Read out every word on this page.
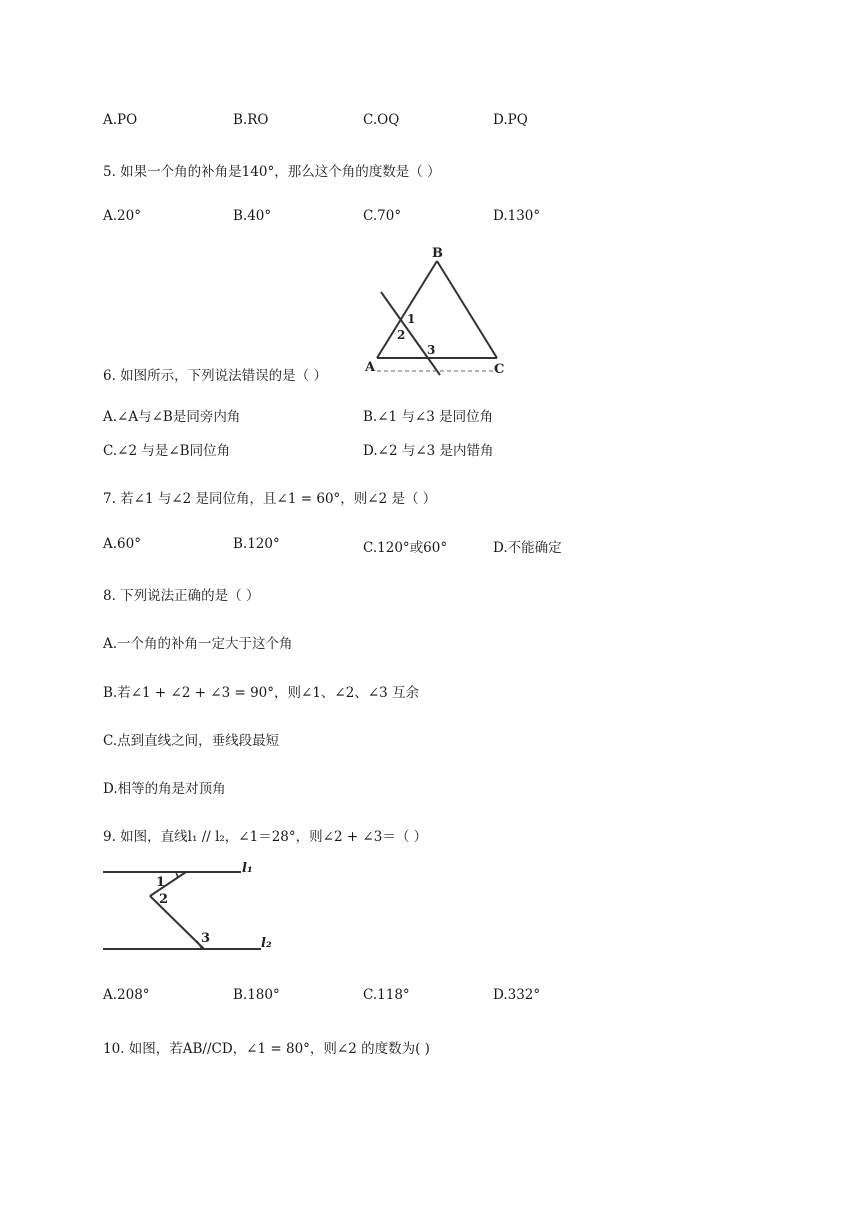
A.PO	B.RO	C.OQ	D.PQ
5. 如果一个角的补角是140°，那么这个角的度数是（ ）
A.20°	B.40°	C.70°	D.130°
B
A	C
1
2
3
6. 如图所示，下列说法错误的是（ ）
A.∠A与∠B是同旁内角	B.∠1 与∠3 是同位角
C.∠2 与是∠B同位角	D.∠2 与∠3 是内错角
7. 若∠1 与∠2 是同位角，且∠1 = 60°，则∠2 是（ ）
A.60°	B.120°	C.120°或60°	D.不能确定
8. 下列说法正确的是（ ）
A.一个角的补角一定大于这个角
B.若∠1 + ∠2 + ∠3 = 90°，则∠1、∠2、∠3 互余
C.点到直线之间，垂线段最短
D.相等的角是对顶角
9. 如图，直线l₁ // l₂，∠1＝28°，则∠2 + ∠3＝（ ）
l₁
l₂
1
2
3
A.208°	B.180°	C.118°	D.332°
10. 如图，若AB//CD，∠1 = 80°，则∠2 的度数为( )
